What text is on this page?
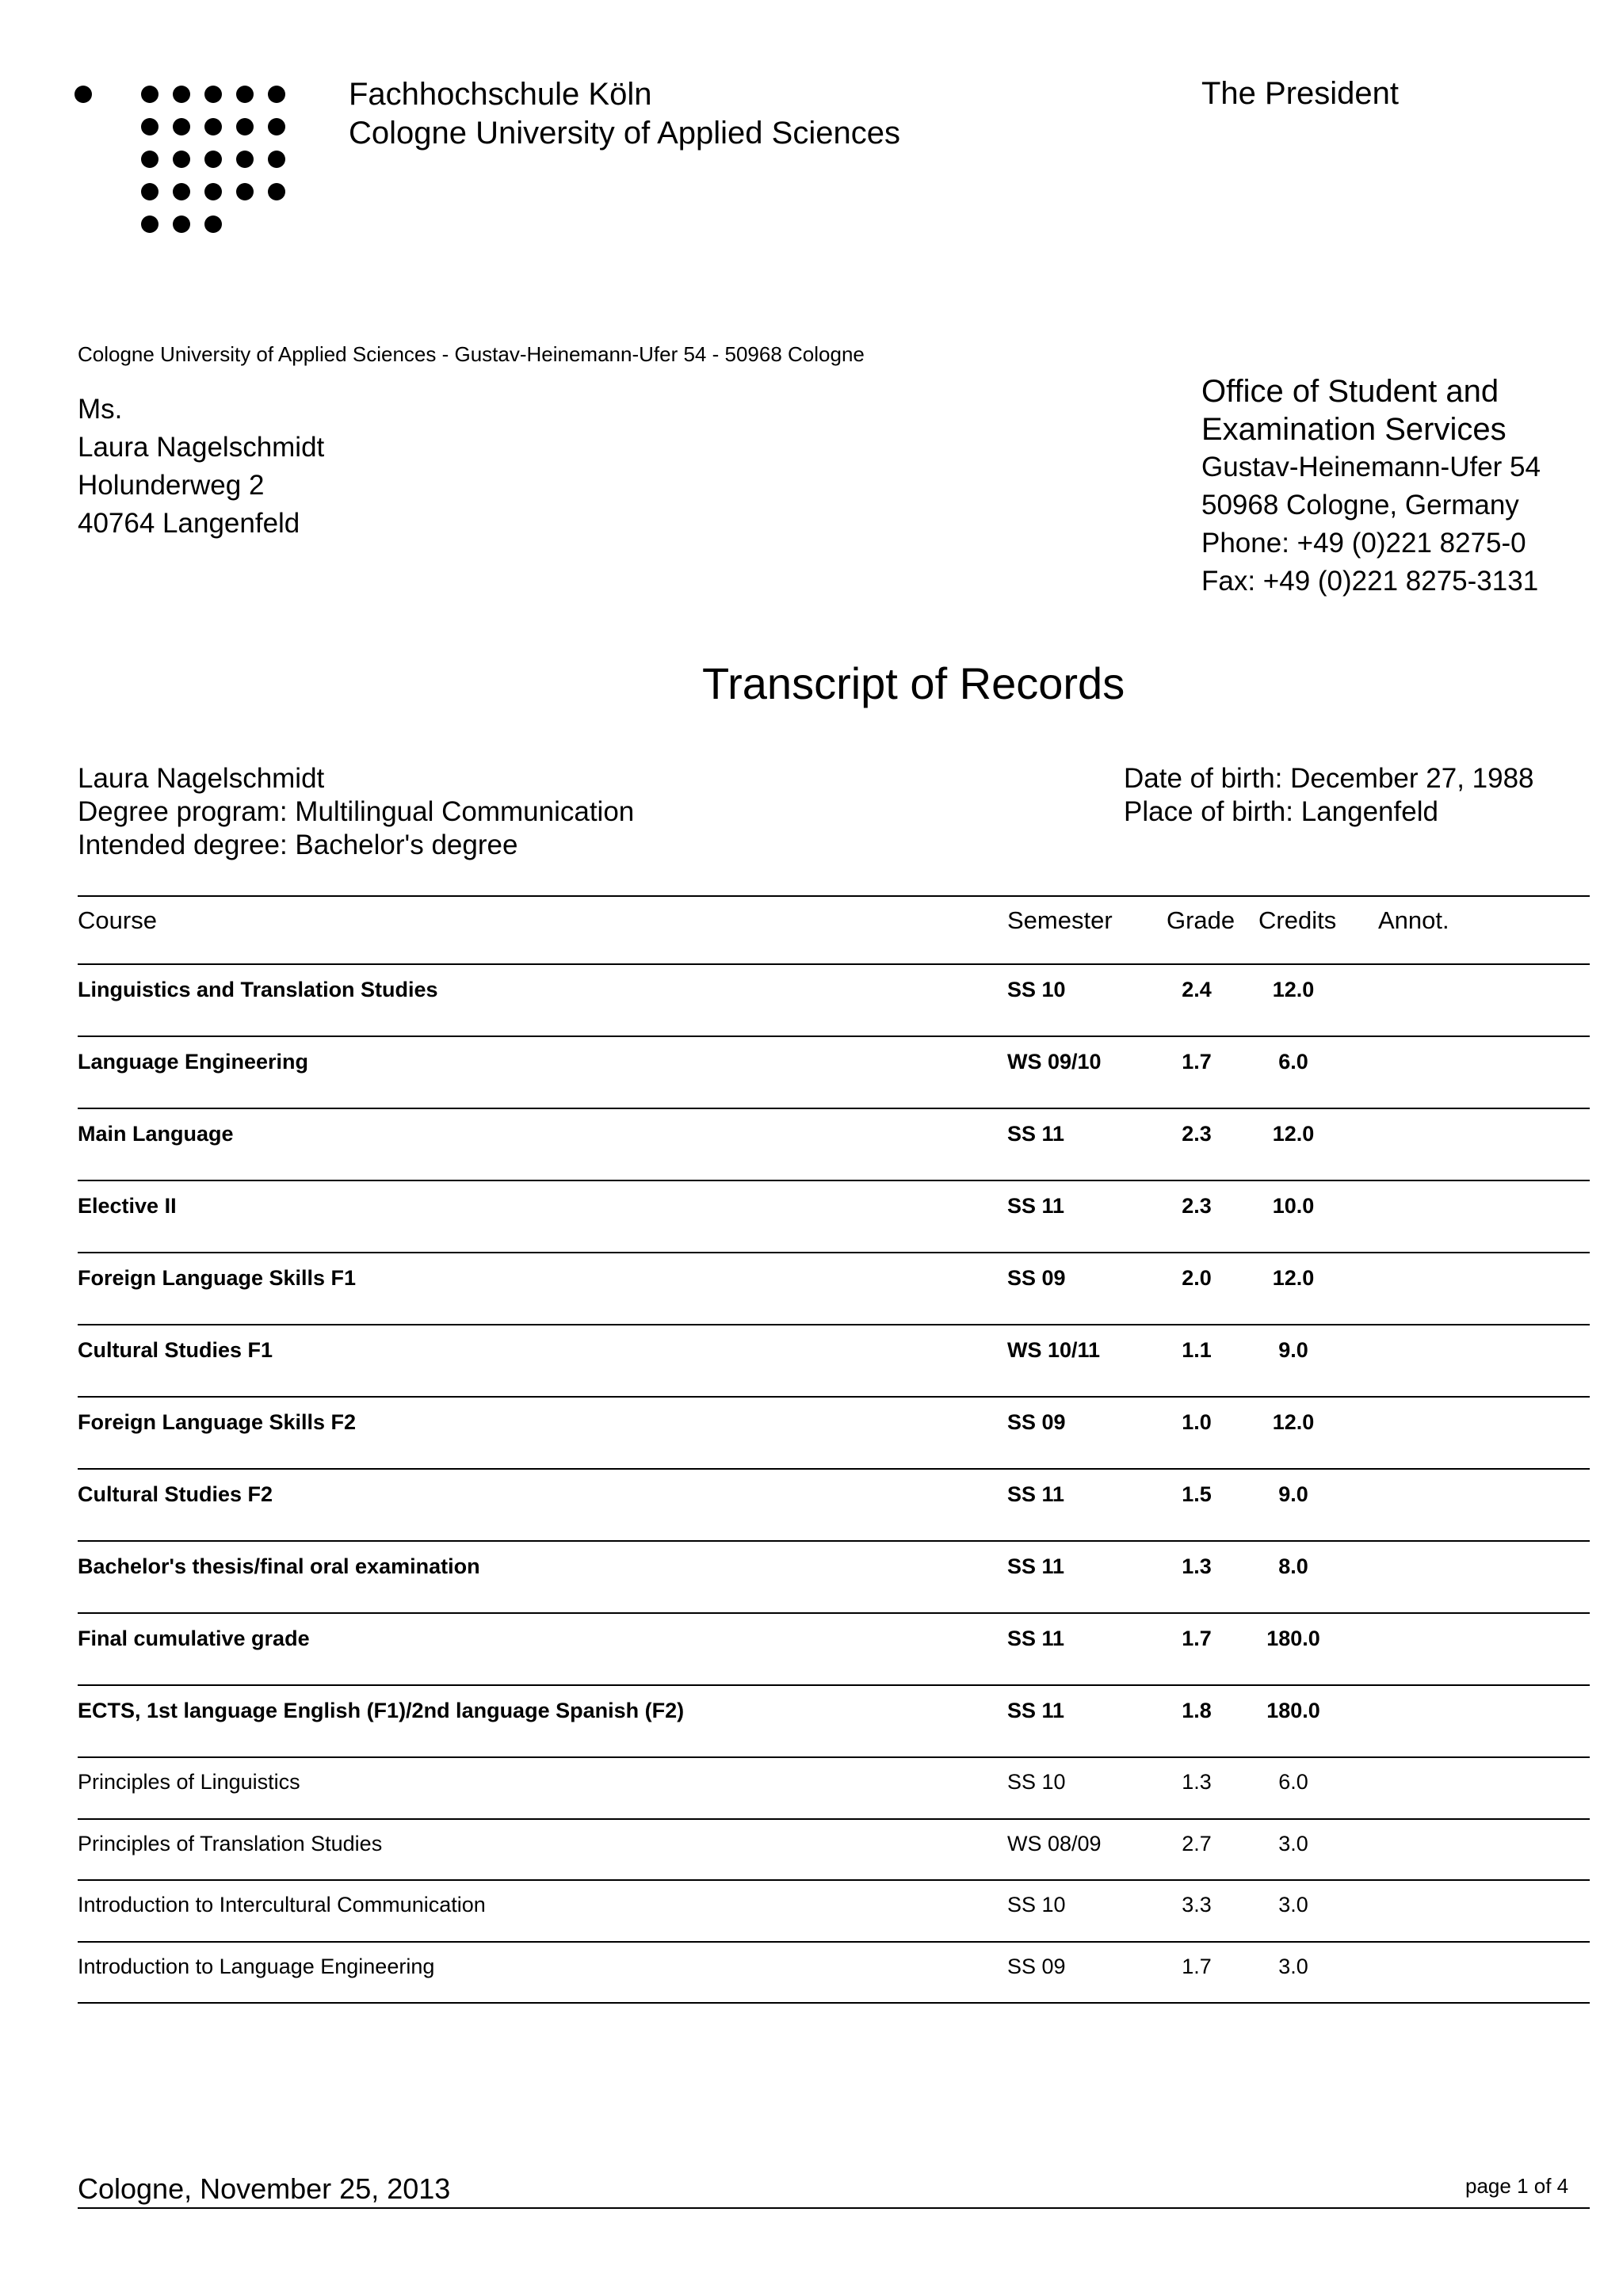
Fachhochschule Köln
Cologne University of Applied Sciences
The President
Cologne University of Applied Sciences - Gustav-Heinemann-Ufer 54 - 50968 Cologne
Ms.
Laura Nagelschmidt
Holunderweg 2
40764 Langenfeld
Office of Student and
Examination Services
Gustav-Heinemann-Ufer 54
50968 Cologne, Germany
Phone: +49 (0)221 8275-0
Fax: +49 (0)221 8275-3131
Transcript of Records
Laura Nagelschmidt
Degree program: Multilingual Communication
Intended degree: Bachelor's degree
Date of birth: December 27, 1988
Place of birth: Langenfeld
Course	Semester Grade Credits Annot.
Linguistics and Translation Studies	SS 10	2.4	12.0
Language Engineering	WS 09/10	1.7	6.0
Main Language	SS 11	2.3	12.0
Elective II	SS 11	2.3	10.0
Foreign Language Skills F1	SS 09	2.0	12.0
Cultural Studies F1	WS 10/11	1.1	9.0
Foreign Language Skills F2	SS 09	1.0	12.0
Cultural Studies F2	SS 11	1.5	9.0
Bachelor's thesis/final oral examination	SS 11	1.3	8.0
Final cumulative grade	SS 11	1.7	180.0
ECTS, 1st language English (F1)/2nd language Spanish (F2)	SS 11	1.8	180.0
Principles of Linguistics	SS 10	1.3	6.0
Principles of Translation Studies	WS 08/09	2.7	3.0
Introduction to Intercultural Communication	SS 10	3.3	3.0
Introduction to Language Engineering	SS 09	1.7	3.0
Cologne, November 25, 2013	page 1 of 4
